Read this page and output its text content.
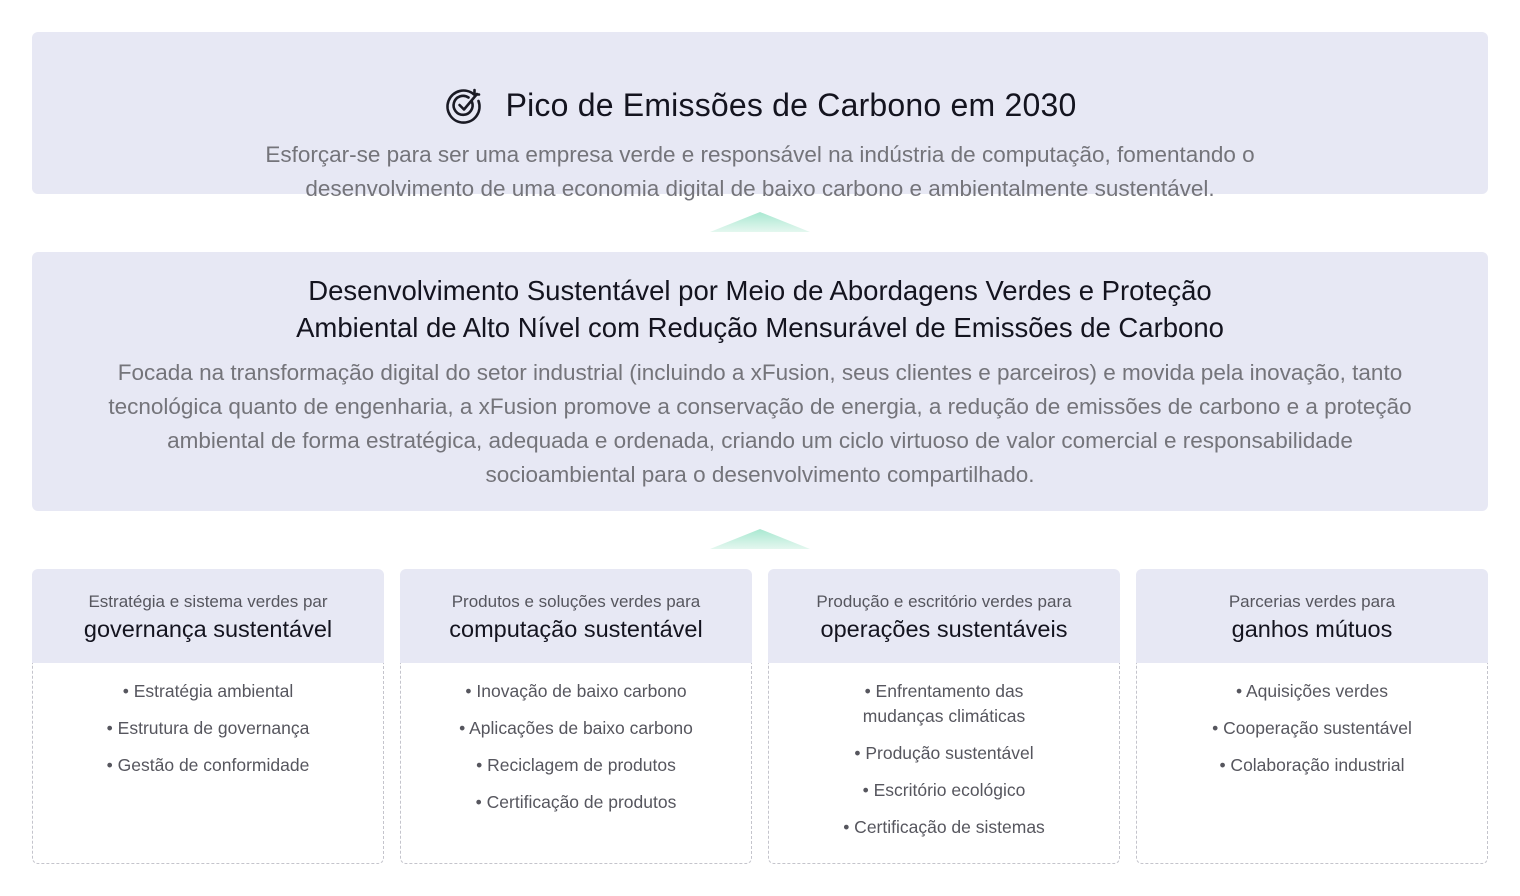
Pico de Emissões de Carbono em 2030
Esforçar-se para ser uma empresa verde e responsável na indústria de computação, fomentando o desenvolvimento de uma economia digital de baixo carbono e ambientalmente sustentável.
Desenvolvimento Sustentável por Meio de Abordagens Verdes e Proteção Ambiental de Alto Nível com Redução Mensurável de Emissões de Carbono
Focada na transformação digital do setor industrial (incluindo a xFusion, seus clientes e parceiros) e movida pela inovação, tanto tecnológica quanto de engenharia, a xFusion promove a conservação de energia, a redução de emissões de carbono e a proteção ambiental de forma estratégica, adequada e ordenada, criando um ciclo virtuoso de valor comercial e responsabilidade socioambiental para o desenvolvimento compartilhado.
Estratégia e sistema verdes par
governança sustentável
• Estratégia ambiental
• Estrutura de governança
• Gestão de conformidade
Produtos e soluções verdes para
computação sustentável
• Inovação de baixo carbono
• Aplicações de baixo carbono
• Reciclagem de produtos
• Certificação de produtos
Produção e escritório verdes para
operações sustentáveis
• Enfrentamento das mudanças climáticas
• Produção sustentável
• Escritório ecológico
• Certificação de sistemas
Parcerias verdes para
ganhos mútuos
• Aquisições verdes
• Cooperação sustentável
• Colaboração industrial
